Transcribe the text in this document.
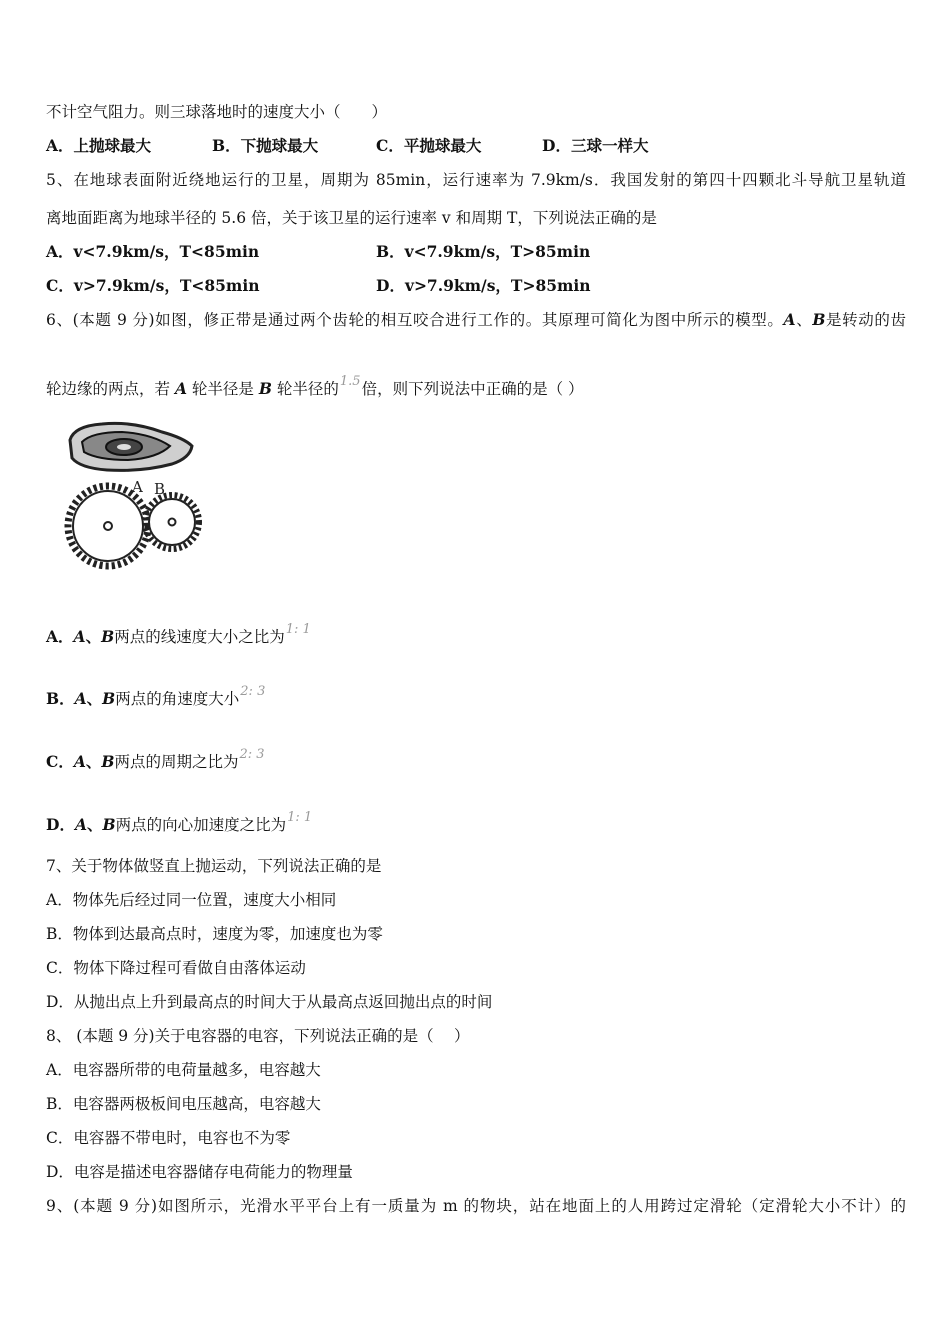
不计空气阻力。则三球落地时的速度大小（　　）
A．上抛球最大	B．下抛球最大	C．平抛球最大	D．三球一样大
5、在地球表面附近绕地运行的卫星，周期为 85min，运行速率为 7.9km/s．我国发射的第四十四颗北斗导航卫星轨道
离地面距离为地球半径的 5.6 倍，关于该卫星的运行速率 v 和周期 T，下列说法正确的是
A．v<7.9km/s，T<85min	B．v<7.9km/s，T>85min
C．v>7.9km/s，T<85min	D．v>7.9km/s，T>85min
6、(本题 9 分)如图，修正带是通过两个齿轮的相互咬合进行工作的。其原理可简化为图中所示的模型。A、B是转动的齿
轮边缘的两点，若 A 轮半径是 B 轮半径的$^{1.5}$倍，则下列说法中正确的是（ ）
A B
A．A、B两点的线速度大小之比为$^{1: 1}$
B．A、B两点的角速度大小$^{2: 3}$
C．A、B两点的周期之比为$^{2: 3}$
D．A、B两点的向心加速度之比为$^{1: 1}$
7、关于物体做竖直上抛运动，下列说法正确的是
A．物体先后经过同一位置，速度大小相同
B．物体到达最高点时，速度为零，加速度也为零
C．物体下降过程可看做自由落体运动
D．从抛出点上升到最高点的时间大于从最高点返回抛出点的时间
8、 (本题 9 分)关于电容器的电容，下列说法正确的是（　 ）
A．电容器所带的电荷量越多，电容越大
B．电容器两极板间电压越高，电容越大
C．电容器不带电时，电容也不为零
D．电容是描述电容器储存电荷能力的物理量
9、(本题 9 分)如图所示，光滑水平平台上有一质量为 m 的物块，站在地面上的人用跨过定滑轮（定滑轮大小不计）的
